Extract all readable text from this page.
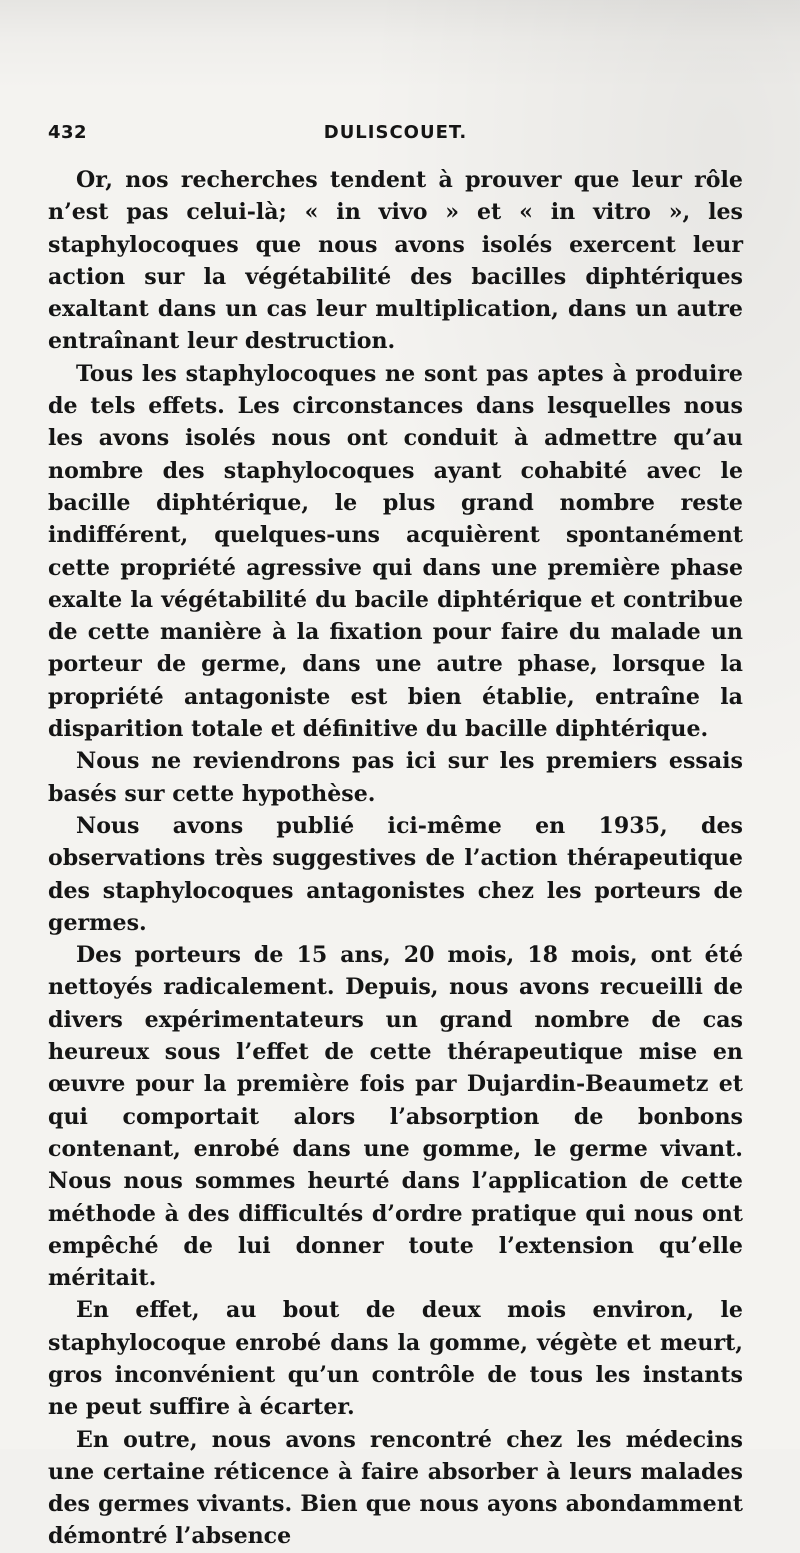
432	DULISCOUET.

Or, nos recherches tendent à prouver que leur rôle n’est pas celui-là; « in vivo » et « in vitro », les staphylocoques que nous avons isolés exercent leur action sur la végétabilité des bacilles diphtériques exaltant dans un cas leur multiplication, dans un autre entraînant leur destruction.

Tous les staphylocoques ne sont pas aptes à produire de tels effets. Les circonstances dans lesquelles nous les avons isolés nous ont conduit à admettre qu’au nombre des staphylocoques ayant cohabité avec le bacille diphtérique, le plus grand nombre reste indifférent, quelques-uns acquièrent spontanément cette propriété agressive qui dans une première phase exalte la végétabilité du bacile diphtérique et contribue de cette manière à la fixation pour faire du malade un porteur de germe, dans une autre phase, lorsque la propriété antagoniste est bien établie, entraîne la disparition totale et définitive du bacille diphtérique.

Nous ne reviendrons pas ici sur les premiers essais basés sur cette hypothèse.

Nous avons publié ici-même en 1935, des observations très suggestives de l’action thérapeutique des staphylocoques antagonistes chez les porteurs de germes.

Des porteurs de 15 ans, 20 mois, 18 mois, ont été nettoyés radicalement. Depuis, nous avons recueilli de divers expérimentateurs un grand nombre de cas heureux sous l’effet de cette thérapeutique mise en œuvre pour la première fois par Dujardin-Beaumetz et qui comportait alors l’absorption de bonbons contenant, enrobé dans une gomme, le germe vivant. Nous nous sommes heurté dans l’application de cette méthode à des difficultés d’ordre pratique qui nous ont empêché de lui donner toute l’extension qu’elle méritait.

En effet, au bout de deux mois environ, le staphylocoque enrobé dans la gomme, végète et meurt, gros inconvénient qu’un contrôle de tous les instants ne peut suffire à écarter.

En outre, nous avons rencontré chez les médecins une certaine réticence à faire absorber à leurs malades des germes vivants. Bien que nous ayons abondamment démontré l’absence
